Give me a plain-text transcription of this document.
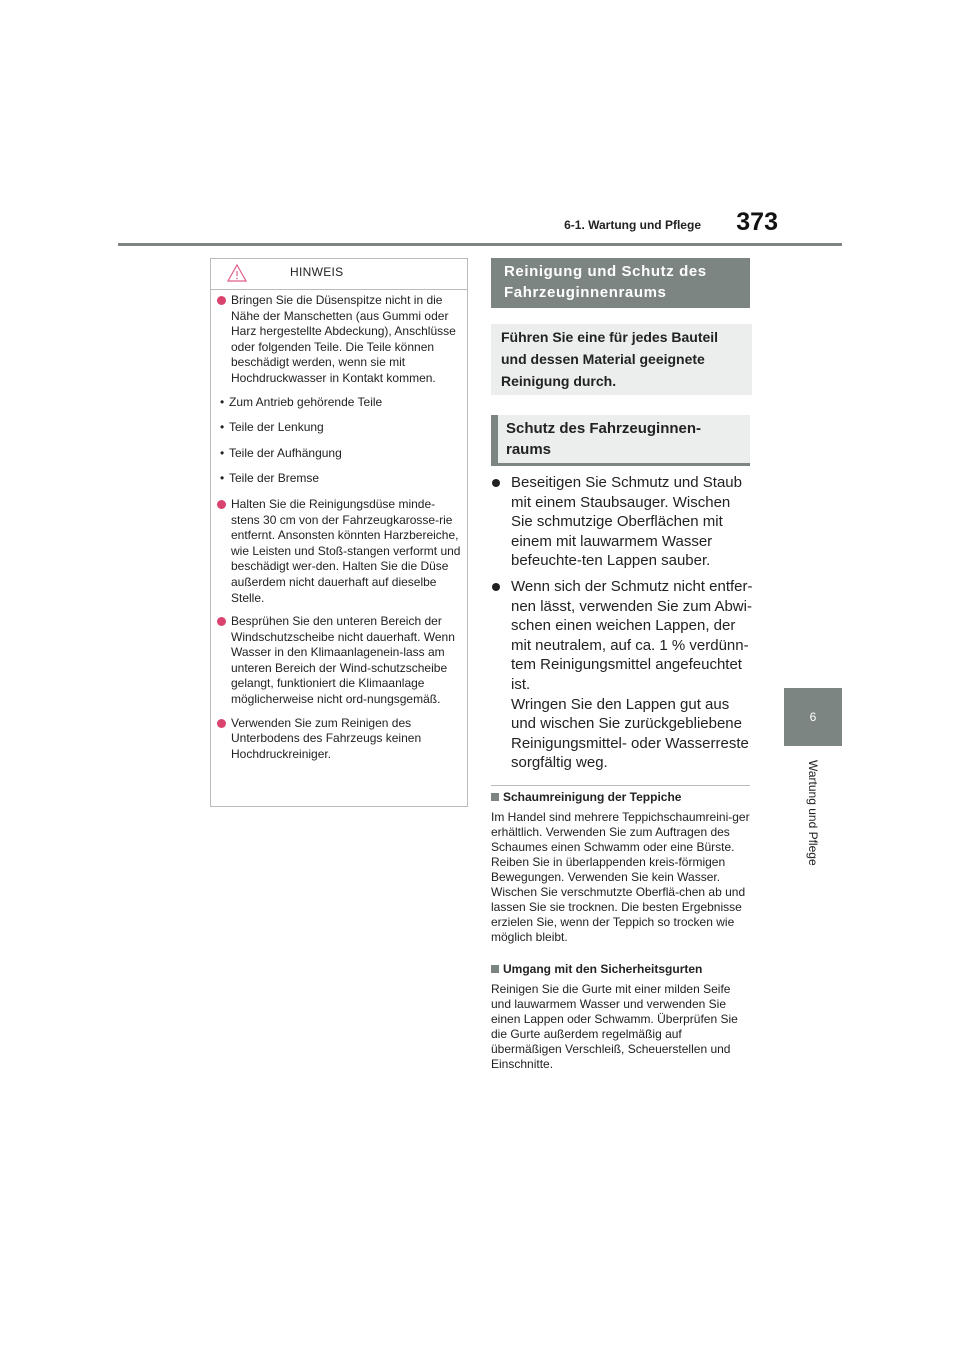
6-1. Wartung und Pflege	373
6
Wartung und Pflege
HINWEIS
Bringen Sie die Düsenspitze nicht in die Nähe der Manschetten (aus Gummi oder Harz hergestellte Abdeckung), Anschlüsse oder folgenden Teile. Die Teile können beschädigt werden, wenn sie mit Hochdruckwasser in Kontakt kommen.
• Zum Antrieb gehörende Teile
• Teile der Lenkung
• Teile der Aufhängung
• Teile der Bremse
Halten Sie die Reinigungsdüse minde-stens 30 cm von der Fahrzeugkarosse-rie entfernt. Ansonsten könnten Harzbereiche, wie Leisten und Stoß-stangen verformt und beschädigt wer-den. Halten Sie die Düse außerdem nicht dauerhaft auf dieselbe Stelle.
Besprühen Sie den unteren Bereich der Windschutzscheibe nicht dauerhaft. Wenn Wasser in den Klimaanlagenein-lass am unteren Bereich der Wind-schutzscheibe gelangt, funktioniert die Klimaanlage möglicherweise nicht ord-nungsgemäß.
Verwenden Sie zum Reinigen des Unterbodens des Fahrzeugs keinen Hochdruckreiniger.
Reinigung und Schutz des Fahrzeuginnenraums
Führen Sie eine für jedes Bauteil und dessen Material geeignete Reinigung durch.
Schutz des Fahrzeuginnen-raums
Beseitigen Sie Schmutz und Staub mit einem Staubsauger. Wischen Sie schmutzige Oberflächen mit einem mit lauwarmem Wasser befeuchte-ten Lappen sauber.
Wenn sich der Schmutz nicht entfer-nen lässt, verwenden Sie zum Abwi-schen einen weichen Lappen, der mit neutralem, auf ca. 1 % verdünn-tem Reinigungsmittel angefeuchtet ist.
Wringen Sie den Lappen gut aus und wischen Sie zurückgebliebene Reinigungsmittel- oder Wasserreste sorgfältig weg.
Schaumreinigung der Teppiche
Im Handel sind mehrere Teppichschaumreini-ger erhältlich. Verwenden Sie zum Auftragen des Schaumes einen Schwamm oder eine Bürste. Reiben Sie in überlappenden kreis-förmigen Bewegungen. Verwenden Sie kein Wasser. Wischen Sie verschmutzte Oberflä-chen ab und lassen Sie sie trocknen. Die besten Ergebnisse erzielen Sie, wenn der Teppich so trocken wie möglich bleibt.
Umgang mit den Sicherheitsgurten
Reinigen Sie die Gurte mit einer milden Seife und lauwarmem Wasser und verwenden Sie einen Lappen oder Schwamm. Überprüfen Sie die Gurte außerdem regelmäßig auf übermäßigen Verschleiß, Scheuerstellen und Einschnitte.
